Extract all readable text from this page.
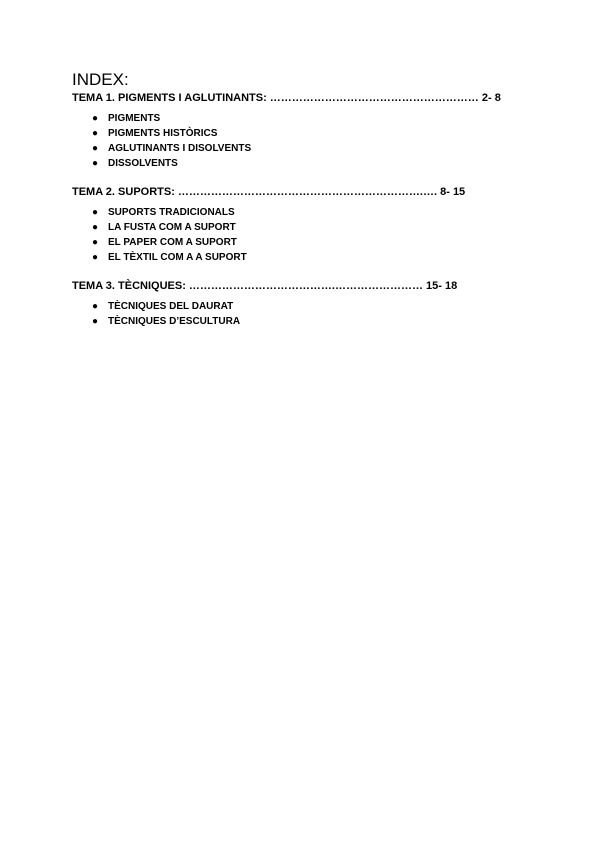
INDEX:
TEMA 1. PIGMENTS I AGLUTINANTS: ………………………………………………… 2- 8
● PIGMENTS
● PIGMENTS HISTÒRICS
● AGLUTINANTS I DISOLVENTS
● DISSOLVENTS
TEMA 2. SUPORTS: ………………………………………………………….…. 8- 15
● SUPORTS TRADICIONALS
● LA FUSTA COM A SUPORT
● EL PAPER COM A SUPORT
● EL TÈXTIL COM A A SUPORT
TEMA 3. TÈCNIQUES: ………………………………….…………………… 15- 18
● TÈCNIQUES DEL DAURAT
● TÈCNIQUES D’ESCULTURA
